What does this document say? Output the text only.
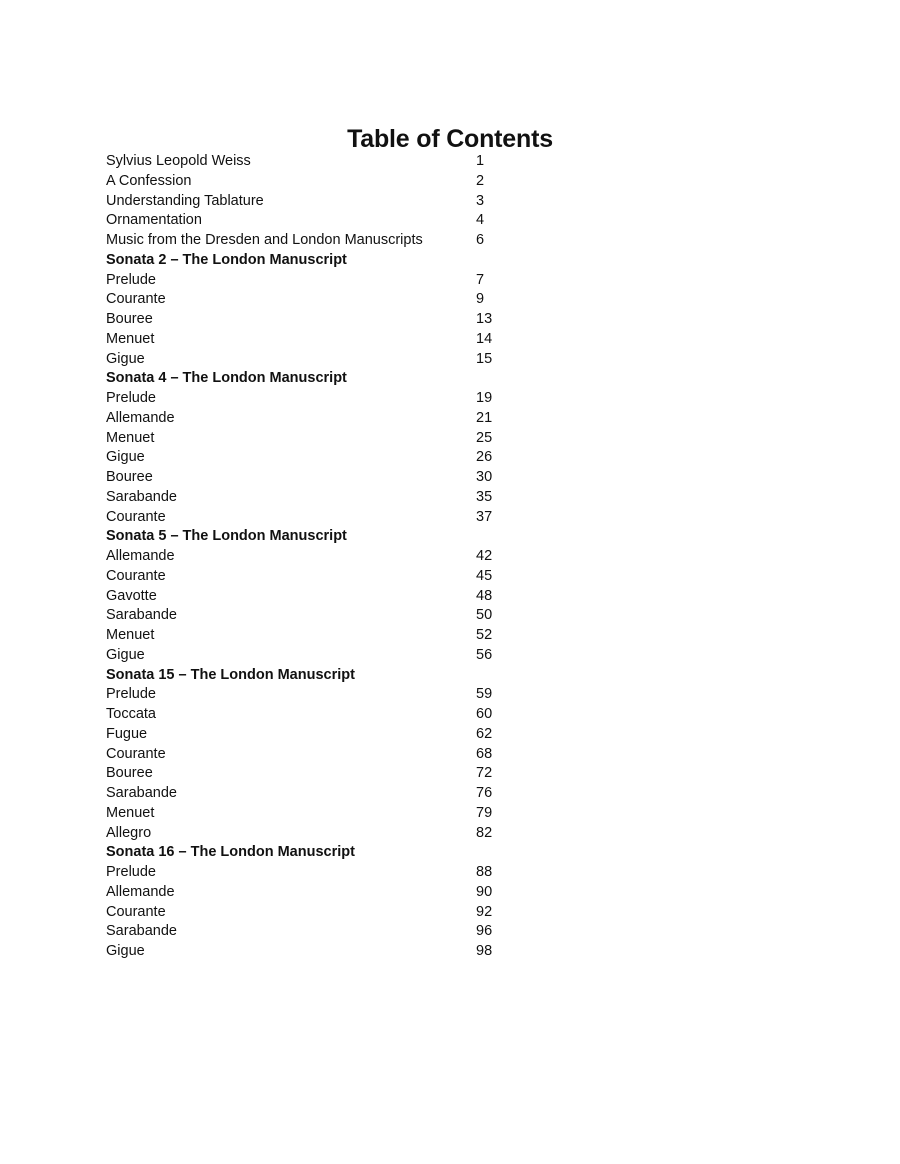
Table of Contents
Sylvius Leopold Weiss	1
A Confession	2
Understanding Tablature	3
Ornamentation	4
Music from the Dresden and London Manuscripts	6
Sonata 2 – The London Manuscript
Prelude	7
Courante	9
Bouree	13
Menuet	14
Gigue	15
Sonata 4 – The London Manuscript
Prelude	19
Allemande	21
Menuet	25
Gigue	26
Bouree	30
Sarabande	35
Courante	37
Sonata 5 – The London Manuscript
Allemande	42
Courante	45
Gavotte	48
Sarabande	50
Menuet	52
Gigue	56
Sonata 15 – The London Manuscript
Prelude	59
Toccata	60
Fugue	62
Courante	68
Bouree	72
Sarabande	76
Menuet	79
Allegro	82
Sonata 16 – The London Manuscript
Prelude	88
Allemande	90
Courante	92
Sarabande	96
Gigue	98
